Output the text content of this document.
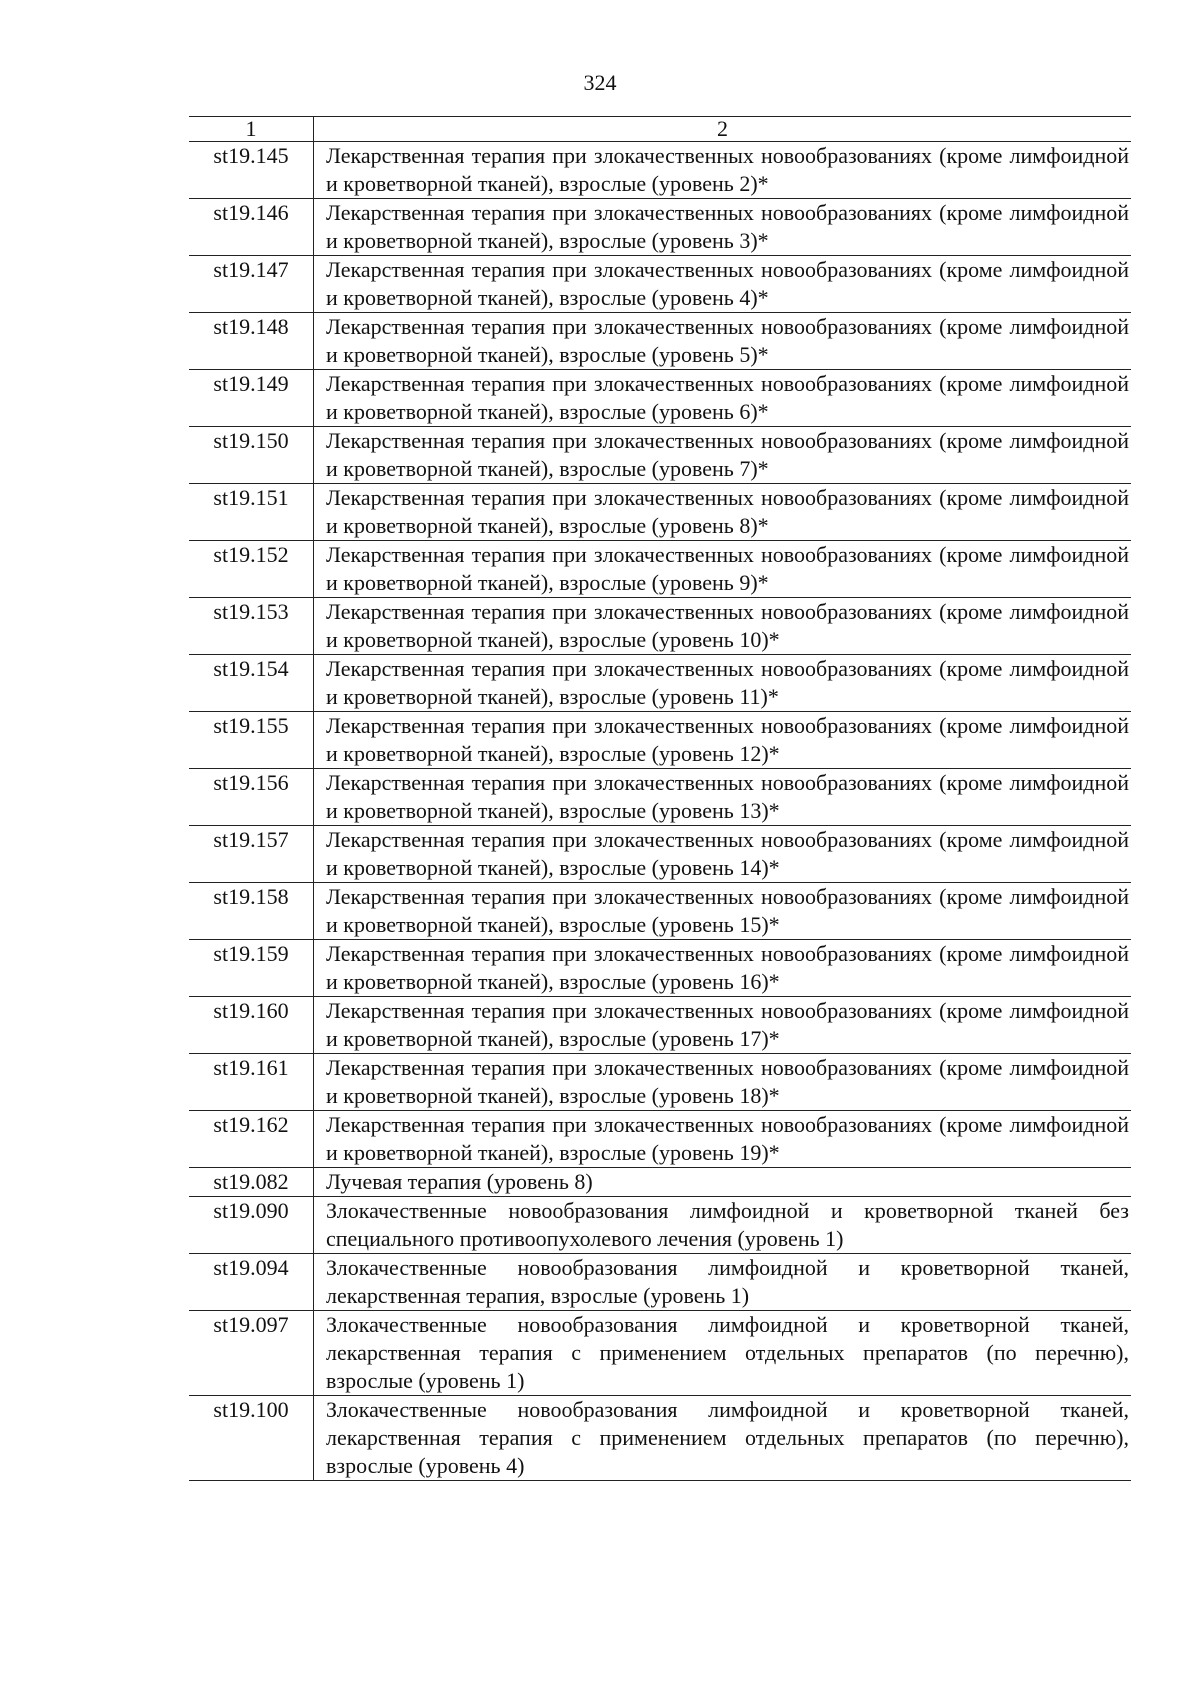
324
1	2
st19.145	Лекарственная терапия при злокачественных новообразованиях (кроме лимфоидной и кроветворной тканей), взрослые (уровень 2)*
st19.146	Лекарственная терапия при злокачественных новообразованиях (кроме лимфоидной и кроветворной тканей), взрослые (уровень 3)*
st19.147	Лекарственная терапия при злокачественных новообразованиях (кроме лимфоидной и кроветворной тканей), взрослые (уровень 4)*
st19.148	Лекарственная терапия при злокачественных новообразованиях (кроме лимфоидной и кроветворной тканей), взрослые (уровень 5)*
st19.149	Лекарственная терапия при злокачественных новообразованиях (кроме лимфоидной и кроветворной тканей), взрослые (уровень 6)*
st19.150	Лекарственная терапия при злокачественных новообразованиях (кроме лимфоидной и кроветворной тканей), взрослые (уровень 7)*
st19.151	Лекарственная терапия при злокачественных новообразованиях (кроме лимфоидной и кроветворной тканей), взрослые (уровень 8)*
st19.152	Лекарственная терапия при злокачественных новообразованиях (кроме лимфоидной и кроветворной тканей), взрослые (уровень 9)*
st19.153	Лекарственная терапия при злокачественных новообразованиях (кроме лимфоидной и кроветворной тканей), взрослые (уровень 10)*
st19.154	Лекарственная терапия при злокачественных новообразованиях (кроме лимфоидной и кроветворной тканей), взрослые (уровень 11)*
st19.155	Лекарственная терапия при злокачественных новообразованиях (кроме лимфоидной и кроветворной тканей), взрослые (уровень 12)*
st19.156	Лекарственная терапия при злокачественных новообразованиях (кроме лимфоидной и кроветворной тканей), взрослые (уровень 13)*
st19.157	Лекарственная терапия при злокачественных новообразованиях (кроме лимфоидной и кроветворной тканей), взрослые (уровень 14)*
st19.158	Лекарственная терапия при злокачественных новообразованиях (кроме лимфоидной и кроветворной тканей), взрослые (уровень 15)*
st19.159	Лекарственная терапия при злокачественных новообразованиях (кроме лимфоидной и кроветворной тканей), взрослые (уровень 16)*
st19.160	Лекарственная терапия при злокачественных новообразованиях (кроме лимфоидной и кроветворной тканей), взрослые (уровень 17)*
st19.161	Лекарственная терапия при злокачественных новообразованиях (кроме лимфоидной и кроветворной тканей), взрослые (уровень 18)*
st19.162	Лекарственная терапия при злокачественных новообразованиях (кроме лимфоидной и кроветворной тканей), взрослые (уровень 19)*
st19.082	Лучевая терапия (уровень 8)
st19.090	Злокачественные новообразования лимфоидной и кроветворной тканей без специального противоопухолевого лечения (уровень 1)
st19.094	Злокачественные новообразования лимфоидной и кроветворной тканей, лекарственная терапия, взрослые (уровень 1)
st19.097	Злокачественные новообразования лимфоидной и кроветворной тканей, лекарственная терапия с применением отдельных препаратов (по перечню), взрослые (уровень 1)
st19.100	Злокачественные новообразования лимфоидной и кроветворной тканей, лекарственная терапия с применением отдельных препаратов (по перечню), взрослые (уровень 4)
